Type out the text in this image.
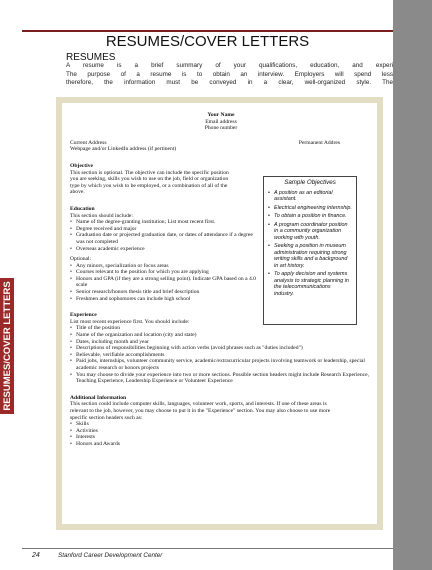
RESUMES/COVER LETTERS
RESUMES/COVER LETTERS
RESUMES
A resume is a brief summary of your qualifications, education, and experi
The purpose of a resume is to obtain an interview. Employers will spend less
therefore, the information must be conveyed in a clear, well-organized style. The
Your Name
Email address
Phone number
Current Address	Permanent Addres
Webpage and/or LinkedIn address (if pertinent)
Objective
This section is optional. The objective can include the specific position
you are seeking, skills you wish to use on the job, field or organization
type by which you wish to be employed, or a combination of all of the
above.
Education
This section should include:
• Name of the degree-granting institution; List most recent first.
• Degree received and major
• Graduation date or projected graduation date, or dates of attendance if a degree was not completed
• Overseas academic experience
Optional:
• Any minors, specialization or focus areas
• Courses relevant to the position for which you are applying
• Honors and GPA (if they are a strong selling point). Indicate GPA based on a 4.0 scale
• Senior research/honors thesis title and brief description
• Freshmen and sophomores can include high school
Experience
List most recent experience first. You should include:
• Title of the position
• Name of the organization and location (city and state)
• Dates, including month and year
• Descriptions of responsibilities beginning with action verbs (avoid phrases such as "duties included")
• Believable, verifiable accomplishments
• Paid jobs, internships, volunteer community service, academic/extracurricular projects involving teamwork or leadership, special academic research or honors projects
• You may choose to divide your experience into two or more sections. Possible section headers might include Research Experience, Teaching Experience, Leadership Experience or Volunteer Experience
Additional Information
This section could include computer skills, languages, volunteer work, sports, and interests. If one of these areas is
relevant to the job, however, you may choose to put it in the "Experience" section. You may also choose to use more
specific section headers such as:
• Skills
• Activities
• Interests
• Honors and Awards
Sample Objectives
• A position as an editorial assistant.
• Electrical engineering internship.
• To obtain a position in finance.
• A program coordinator position in a community organization working with youth.
• Seeking a position in museum administration requiring strong writing skills and a background in art history.
• To apply decision and systems analysis to strategic planning in the telecommunications industry.
24	Stanford Career Development Center
